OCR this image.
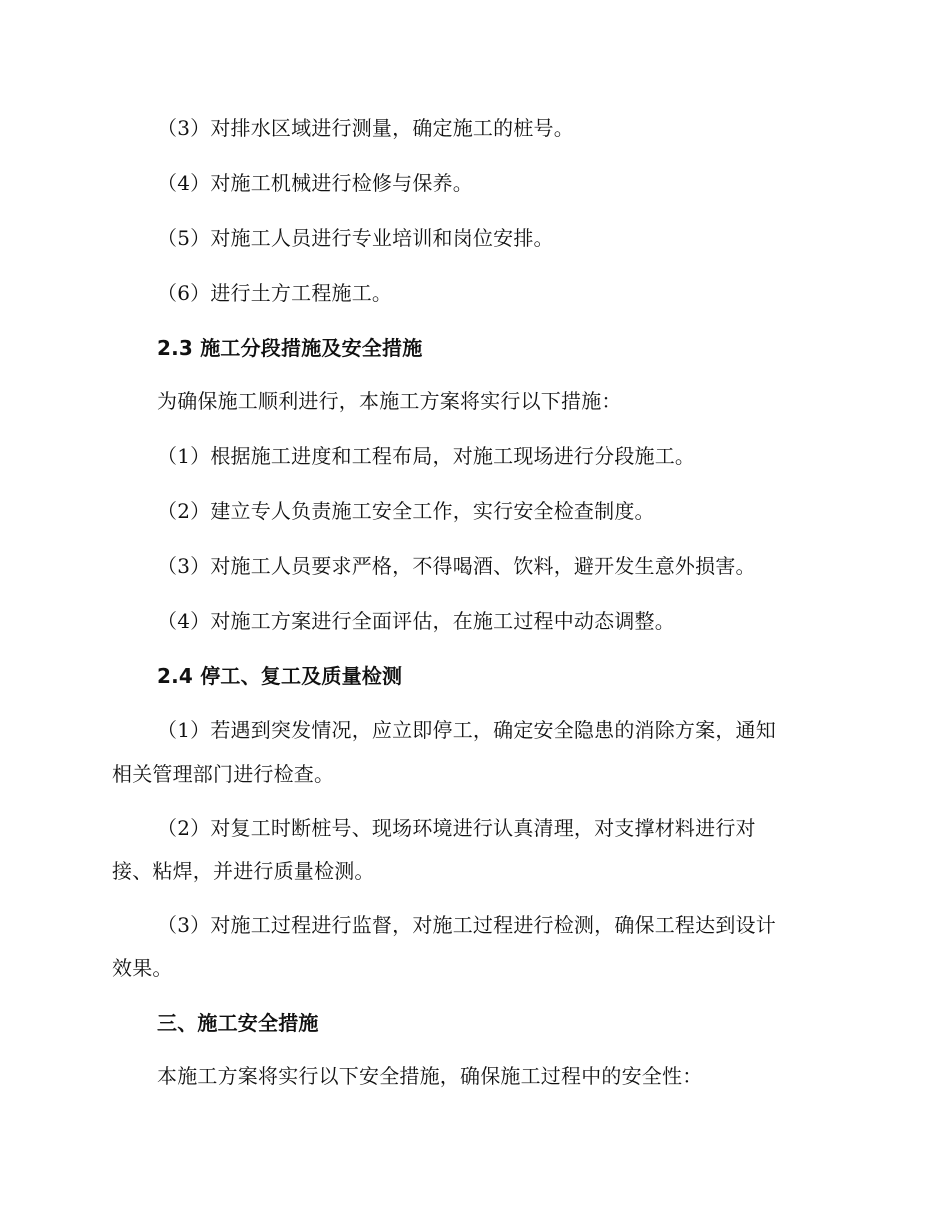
（3）对排水区域进行测量，确定施工的桩号。
（4）对施工机械进行检修与保养。
（5）对施工人员进行专业培训和岗位安排。
（6）进行土方工程施工。
2.3 施工分段措施及安全措施
为确保施工顺利进行，本施工方案将实行以下措施：
（1）根据施工进度和工程布局，对施工现场进行分段施工。
（2）建立专人负责施工安全工作，实行安全检查制度。
（3）对施工人员要求严格，不得喝酒、饮料，避开发生意外损害。
（4）对施工方案进行全面评估，在施工过程中动态调整。
2.4 停工、复工及质量检测
（1）若遇到突发情况，应立即停工，确定安全隐患的消除方案，通知
相关管理部门进行检查。
（2）对复工时断桩号、现场环境进行认真清理，对支撑材料进行对
接、粘焊，并进行质量检测。
（3）对施工过程进行监督，对施工过程进行检测，确保工程达到设计
效果。
三、施工安全措施
本施工方案将实行以下安全措施，确保施工过程中的安全性：
